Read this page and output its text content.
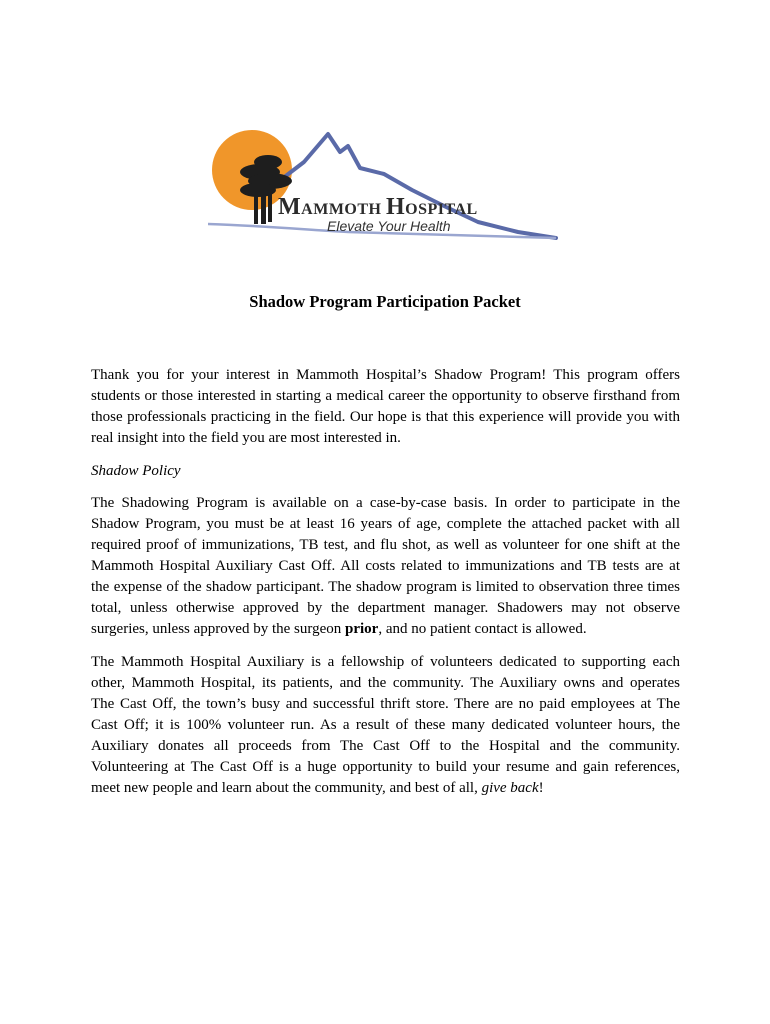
MAMMOTH HOSPITAL
Elevate Your Health
Shadow Program Participation Packet

Thank you for your interest in Mammoth Hospital’s Shadow Program! This program offers
students or those interested in starting a medical career the opportunity to observe firsthand from
those professionals practicing in the field. Our hope is that this experience will provide you with
real insight into the field you are most interested in.

Shadow Policy

The Shadowing Program is available on a case-by-case basis. In order to participate in the
Shadow Program, you must be at least 16 years of age, complete the attached packet with all
required proof of immunizations, TB test, and flu shot, as well as volunteer for one shift at the
Mammoth Hospital Auxiliary Cast Off. All costs related to immunizations and TB tests are at
the expense of the shadow participant. The shadow program is limited to observation three times
total, unless otherwise approved by the department manager. Shadowers may not observe
surgeries, unless approved by the surgeon prior, and no patient contact is allowed.

The Mammoth Hospital Auxiliary is a fellowship of volunteers dedicated to supporting each
other, Mammoth Hospital, its patients, and the community. The Auxiliary owns and operates
The Cast Off, the town’s busy and successful thrift store. There are no paid employees at The
Cast Off; it is 100% volunteer run. As a result of these many dedicated volunteer hours, the
Auxiliary donates all proceeds from The Cast Off to the Hospital and the community.
Volunteering at The Cast Off is a huge opportunity to build your resume and gain references,
meet new people and learn about the community, and best of all, give back!
